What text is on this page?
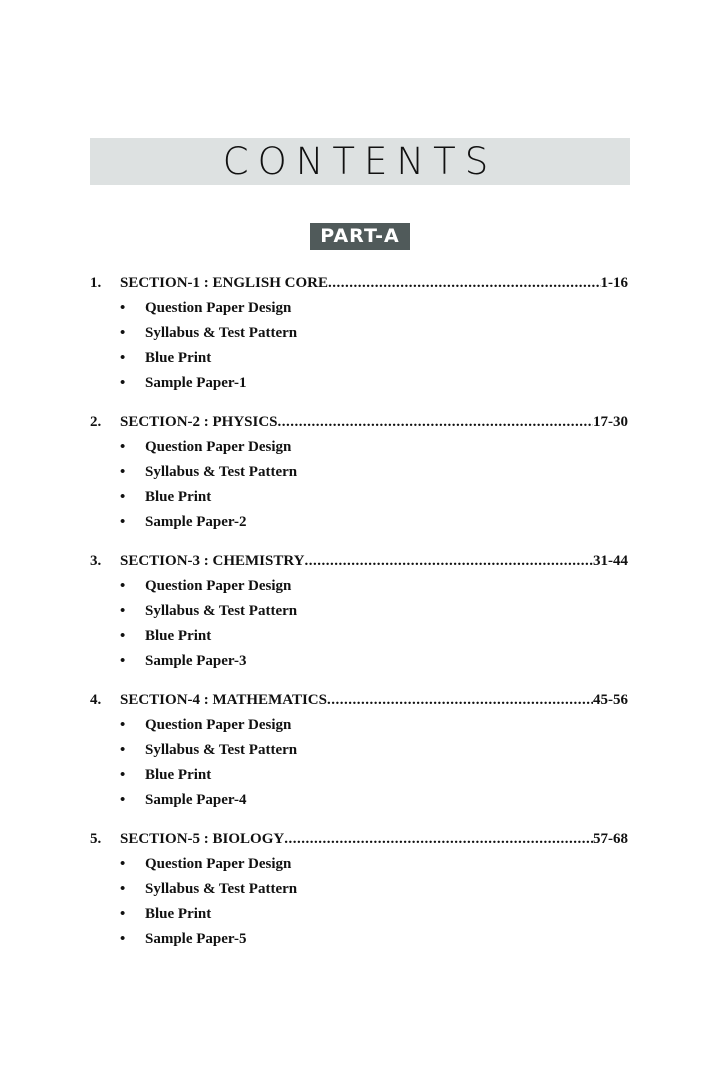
CONTENTS
PART-A
1.	SECTION-1 : ENGLISH CORE .....	1-16
•	Question Paper Design
•	Syllabus & Test Pattern
•	Blue Print
•	Sample Paper-1
2.	SECTION-2 : PHYSICS .....	17-30
•	Question Paper Design
•	Syllabus & Test Pattern
•	Blue Print
•	Sample Paper-2
3.	SECTION-3 : CHEMISTRY .....	31-44
•	Question Paper Design
•	Syllabus & Test Pattern
•	Blue Print
•	Sample Paper-3
4.	SECTION-4 : MATHEMATICS .....	45-56
•	Question Paper Design
•	Syllabus & Test Pattern
•	Blue Print
•	Sample Paper-4
5.	SECTION-5 : BIOLOGY .....	57-68
•	Question Paper Design
•	Syllabus & Test Pattern
•	Blue Print
•	Sample Paper-5
